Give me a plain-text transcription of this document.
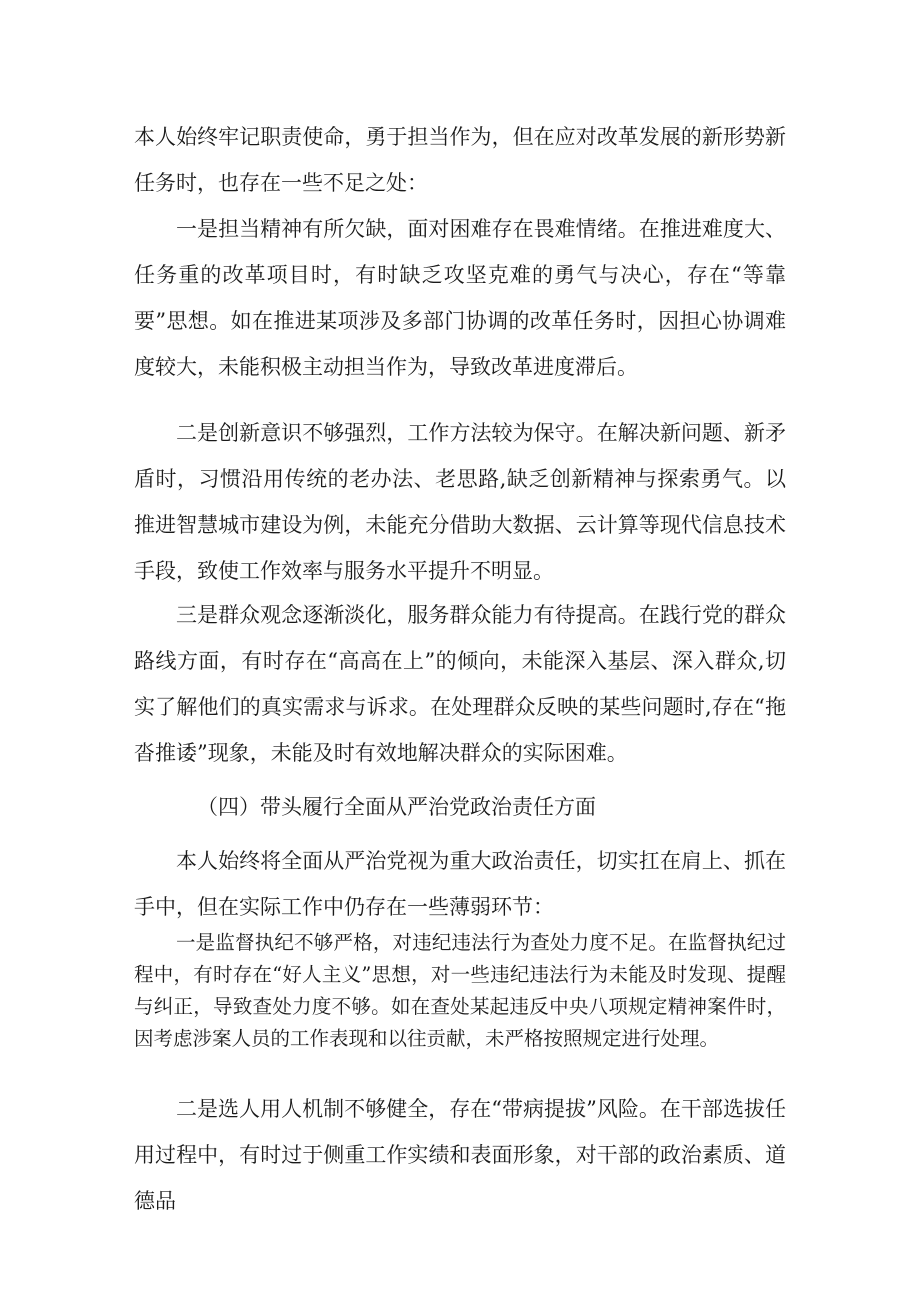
本人始终牢记职责使命，勇于担当作为，但在应对改革发展的新形势新任务时，也存在一些不足之处：

一是担当精神有所欠缺，面对困难存在畏难情绪。在推进难度大、任务重的改革项目时，有时缺乏攻坚克难的勇气与决心，存在“等靠要”思想。如在推进某项涉及多部门协调的改革任务时，因担心协调难度较大，未能积极主动担当作为，导致改革进度滞后。

二是创新意识不够强烈，工作方法较为保守。在解决新问题、新矛盾时，习惯沿用传统的老办法、老思路,缺乏创新精神与探索勇气。以推进智慧城市建设为例，未能充分借助大数据、云计算等现代信息技术手段，致使工作效率与服务水平提升不明显。

三是群众观念逐渐淡化，服务群众能力有待提高。在践行党的群众路线方面，有时存在“高高在上”的倾向，未能深入基层、深入群众,切实了解他们的真实需求与诉求。在处理群众反映的某些问题时,存在“拖沓推诿”现象，未能及时有效地解决群众的实际困难。

（四）带头履行全面从严治党政治责任方面

本人始终将全面从严治党视为重大政治责任，切实扛在肩上、抓在手中，但在实际工作中仍存在一些薄弱环节：

一是监督执纪不够严格，对违纪违法行为查处力度不足。在监督执纪过程中，有时存在“好人主义”思想，对一些违纪违法行为未能及时发现、提醒与纠正，导致查处力度不够。如在查处某起违反中央八项规定精神案件时，因考虑涉案人员的工作表现和以往贡献，未严格按照规定进行处理。

二是选人用人机制不够健全，存在“带病提拔”风险。在干部选拔任用过程中，有时过于侧重工作实绩和表面形象，对干部的政治素质、道德品
